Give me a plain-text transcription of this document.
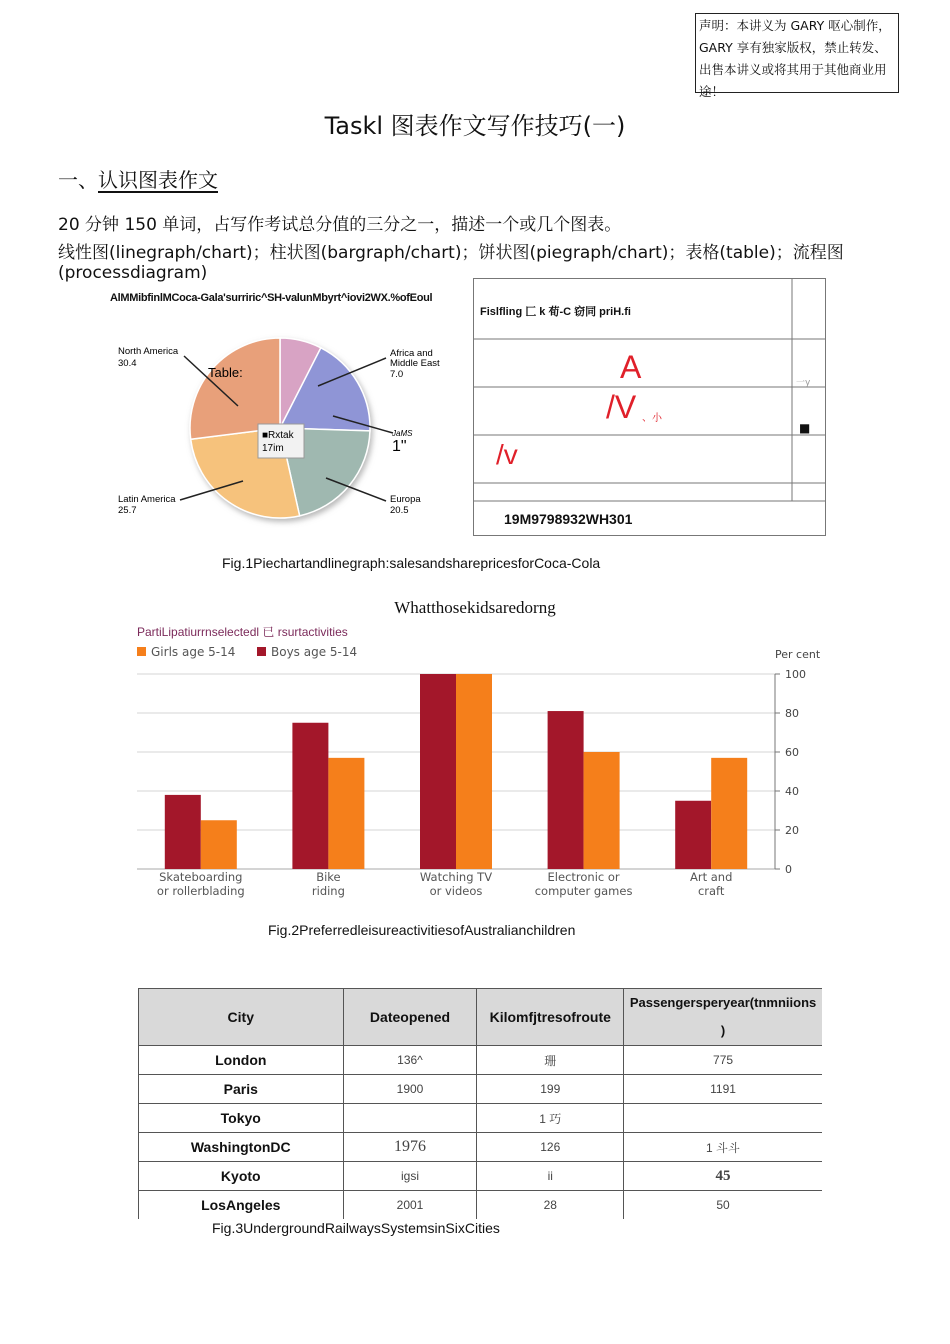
声明：本讲义为 GARY 呕心制作，
GARY 享有独家版权，禁止转发、
出售本讲义或将其用于其他商业用
途！
Taskl 图表作文写作技巧(一)
一、认识图表作文
20 分钟 150 单词，占写作考试总分值的三分之一，描述一个或几个图表。
线性图(linegraph/chart)；柱状图(bargraph/chart)；饼状图(piegraph/chart)；表格(table)；流程图(processdiagram)
AlMMibfinlMCoca-Gala'surriric^SH-valunMbyrt^iovi2WX.%ofEoul
North America
30.4
Africa and
Middle East
7.0
JaMS
1"
Europa
20.5
Latin America
25.7
Table:
■Rxtak
17im
Fislfling 匚 k 荀-C 窃同 priH.fi
A
/V 、小
/v
一y
■
19M9798932WH301
Fig.1Piechartandlinegraph:salesandsharepricesforCoca-Cola
Whatthosekidsaredorng
PartiLipatiurrnselectedl 已 rsurtactivities
Girls age 5-14	Boys age 5-14	Per cent
Skateboarding
or rollerblading
Bike
riding
Watching TV
or videos
Electronic or
computer games
Art and
craft
100
80
60
40
20
0
Fig.2PreferredleisureactivitiesofAustralianchildren
City	Dateopened	Kilomfjtresofroute	Passengersperyear(tnmniions
)

London	136^	珊	775
Paris	1900	199	1191
Tokyo		1 巧	
WashingtonDC	1976	126	1 斗斗
Kyoto	igsi	ii	45
LosAngeles	2001	28	50
Fig.3UndergroundRailwaysSystemsinSixCities
